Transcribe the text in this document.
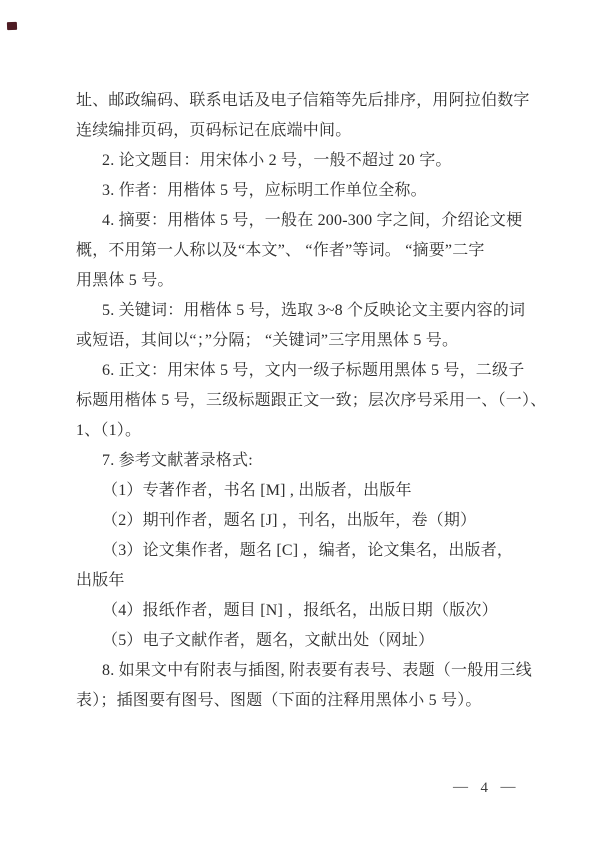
址、邮政编码、联系电话及电子信箱等先后排序，用阿拉伯数字

连续编排页码，页码标记在底端中间。

2. 论文题目：用宋体小 2 号，一般不超过 20 字。

3. 作者：用楷体 5 号，应标明工作单位全称。

4. 摘要：用楷体 5 号，一般在 200-300 字之间，介绍论文梗

概，不用第一人称以及“本文”、 “作者”等词。 “摘要”二字

用黑体 5 号。

5. 关键词：用楷体 5 号，选取 3~8 个反映论文主要内容的词

或短语，其间以“；”分隔； “关键词”三字用黑体 5 号。

6. 正文：用宋体 5 号，文内一级子标题用黑体 5 号，二级子

标题用楷体 5 号，三级标题跟正文一致；层次序号采用一、（一）、

1、（1）。

7. 参考文献著录格式:

（1）专著作者，书名 [M] , 出版者，出版年

（2）期刊作者，题名 [J] ，刊名，出版年，卷（期）

（3）论文集作者，题名 [C] ，编者，论文集名，出版者，

出版年

（4）报纸作者，题目 [N] ，报纸名，出版日期（版次）

（5）电子文献作者，题名，文献出处（网址）

8. 如果文中有附表与插图, 附表要有表号、表题（一般用三线

表）；插图要有图号、图题（下面的注释用黑体小 5 号）。

— 4 —
